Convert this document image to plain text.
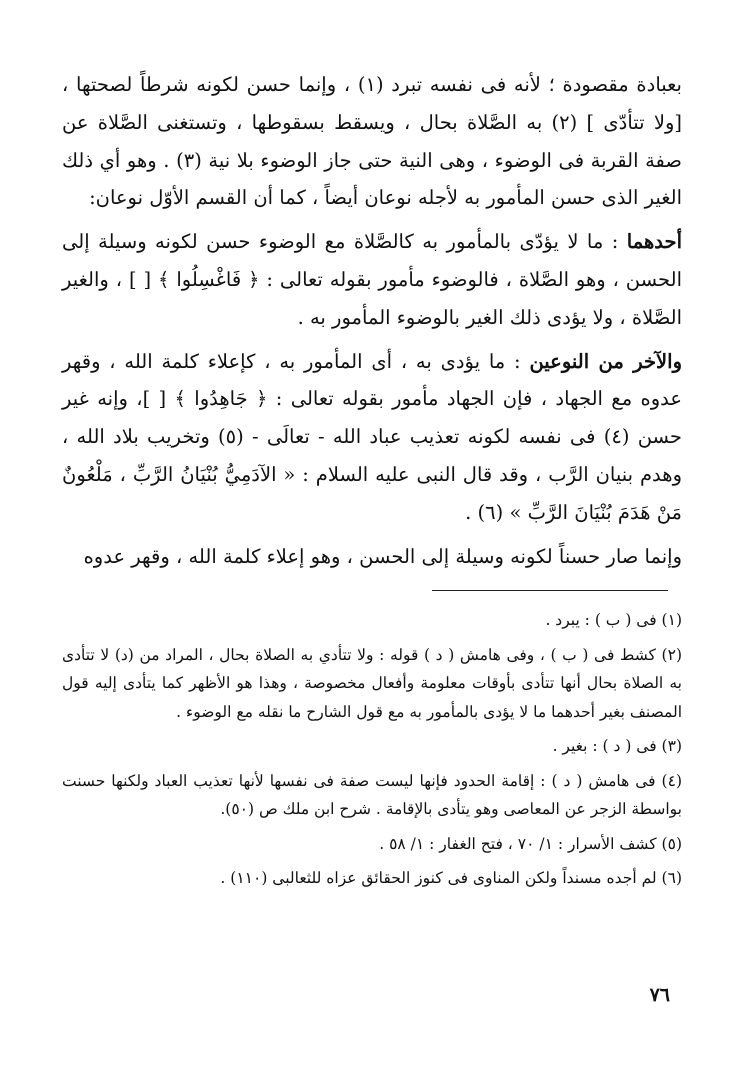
بعبادة مقصودة ؛ لأنه فى نفسه تبرد (١) ، وإنما حسن لكونه شرطاً لصحتها ، [ولا تتأدّى ] (٢) به الصَّلاة بحال ، ويسقط بسقوطها ، وتستغنى الصَّلاة عن صفة القربة فى الوضوء ، وهى النية حتى جاز الوضوء بلا نية (٣) . وهو أي ذلك الغير الذى حسن المأمور به لأجله نوعان أيضاً ، كما أن القسم الأوّل نوعان:

أحدهما : ما لا يؤدّى بالمأمور به كالصَّلاة مع الوضوء حسن لكونه وسيلة إلى الحسن ، وهو الصَّلاة ، فالوضوء مأمور بقوله تعالى : ﴿ فَاغْسِلُوا ﴾ [ ] ، والغير الصَّلاة ، ولا يؤدى ذلك الغير بالوضوء المأمور به .

والآخر من النوعين : ما يؤدى به ، أى المأمور به ، كإعلاء كلمة الله ، وقهر عدوه مع الجهاد ، فإن الجهاد مأمور بقوله تعالى : ﴿ جَاهِدُوا ﴾ [ ]، وإنه غير حسن (٤) فى نفسه لكونه تعذيب عباد الله - تعالَى - (٥) وتخريب بلاد الله ، وهدم بنيان الرَّب ، وقد قال النبى عليه السلام : « الآدَمِيُّ بُنْيَانُ الرَّبِّ ، مَلْعُونٌ مَنْ هَدَمَ بُنْيَانَ الرَّبِّ » (٦) .

وإنما صار حسناً لكونه وسيلة إلى الحسن ، وهو إعلاء كلمة الله ، وقهر عدوه

(١) فى ( ب ) : يبرد .

(٢) كشط فى ( ب ) ، وفى هامش ( د ) قوله : ولا تتأدي به الصلاة بحال ، المراد من (د) لا تتأدى به الصلاة بحال أنها تتأدى بأوقات معلومة وأفعال مخصوصة ، وهذا هو الأظهر كما يتأدى إليه قول المصنف بغير أحدهما ما لا يؤدى بالمأمور به مع قول الشارح ما نقله مع الوضوء .

(٣) فى ( د ) : بغير .

(٤) فى هامش ( د ) : إقامة الحدود فإنها ليست صفة فى نفسها لأنها تعذيب العباد ولكنها حسنت بواسطة الزجر عن المعاصى وهو يتأدى بالإقامة . شرح ابن ملك ص (٥٠).

(٥) كشف الأسرار : ١/ ٧٠ ، فتح الغفار : ١/ ٥٨ .

(٦) لم أجده مسنداً ولكن المناوى فى كنوز الحقائق عزاه للثعالبى (١١٠) .

٧٦
